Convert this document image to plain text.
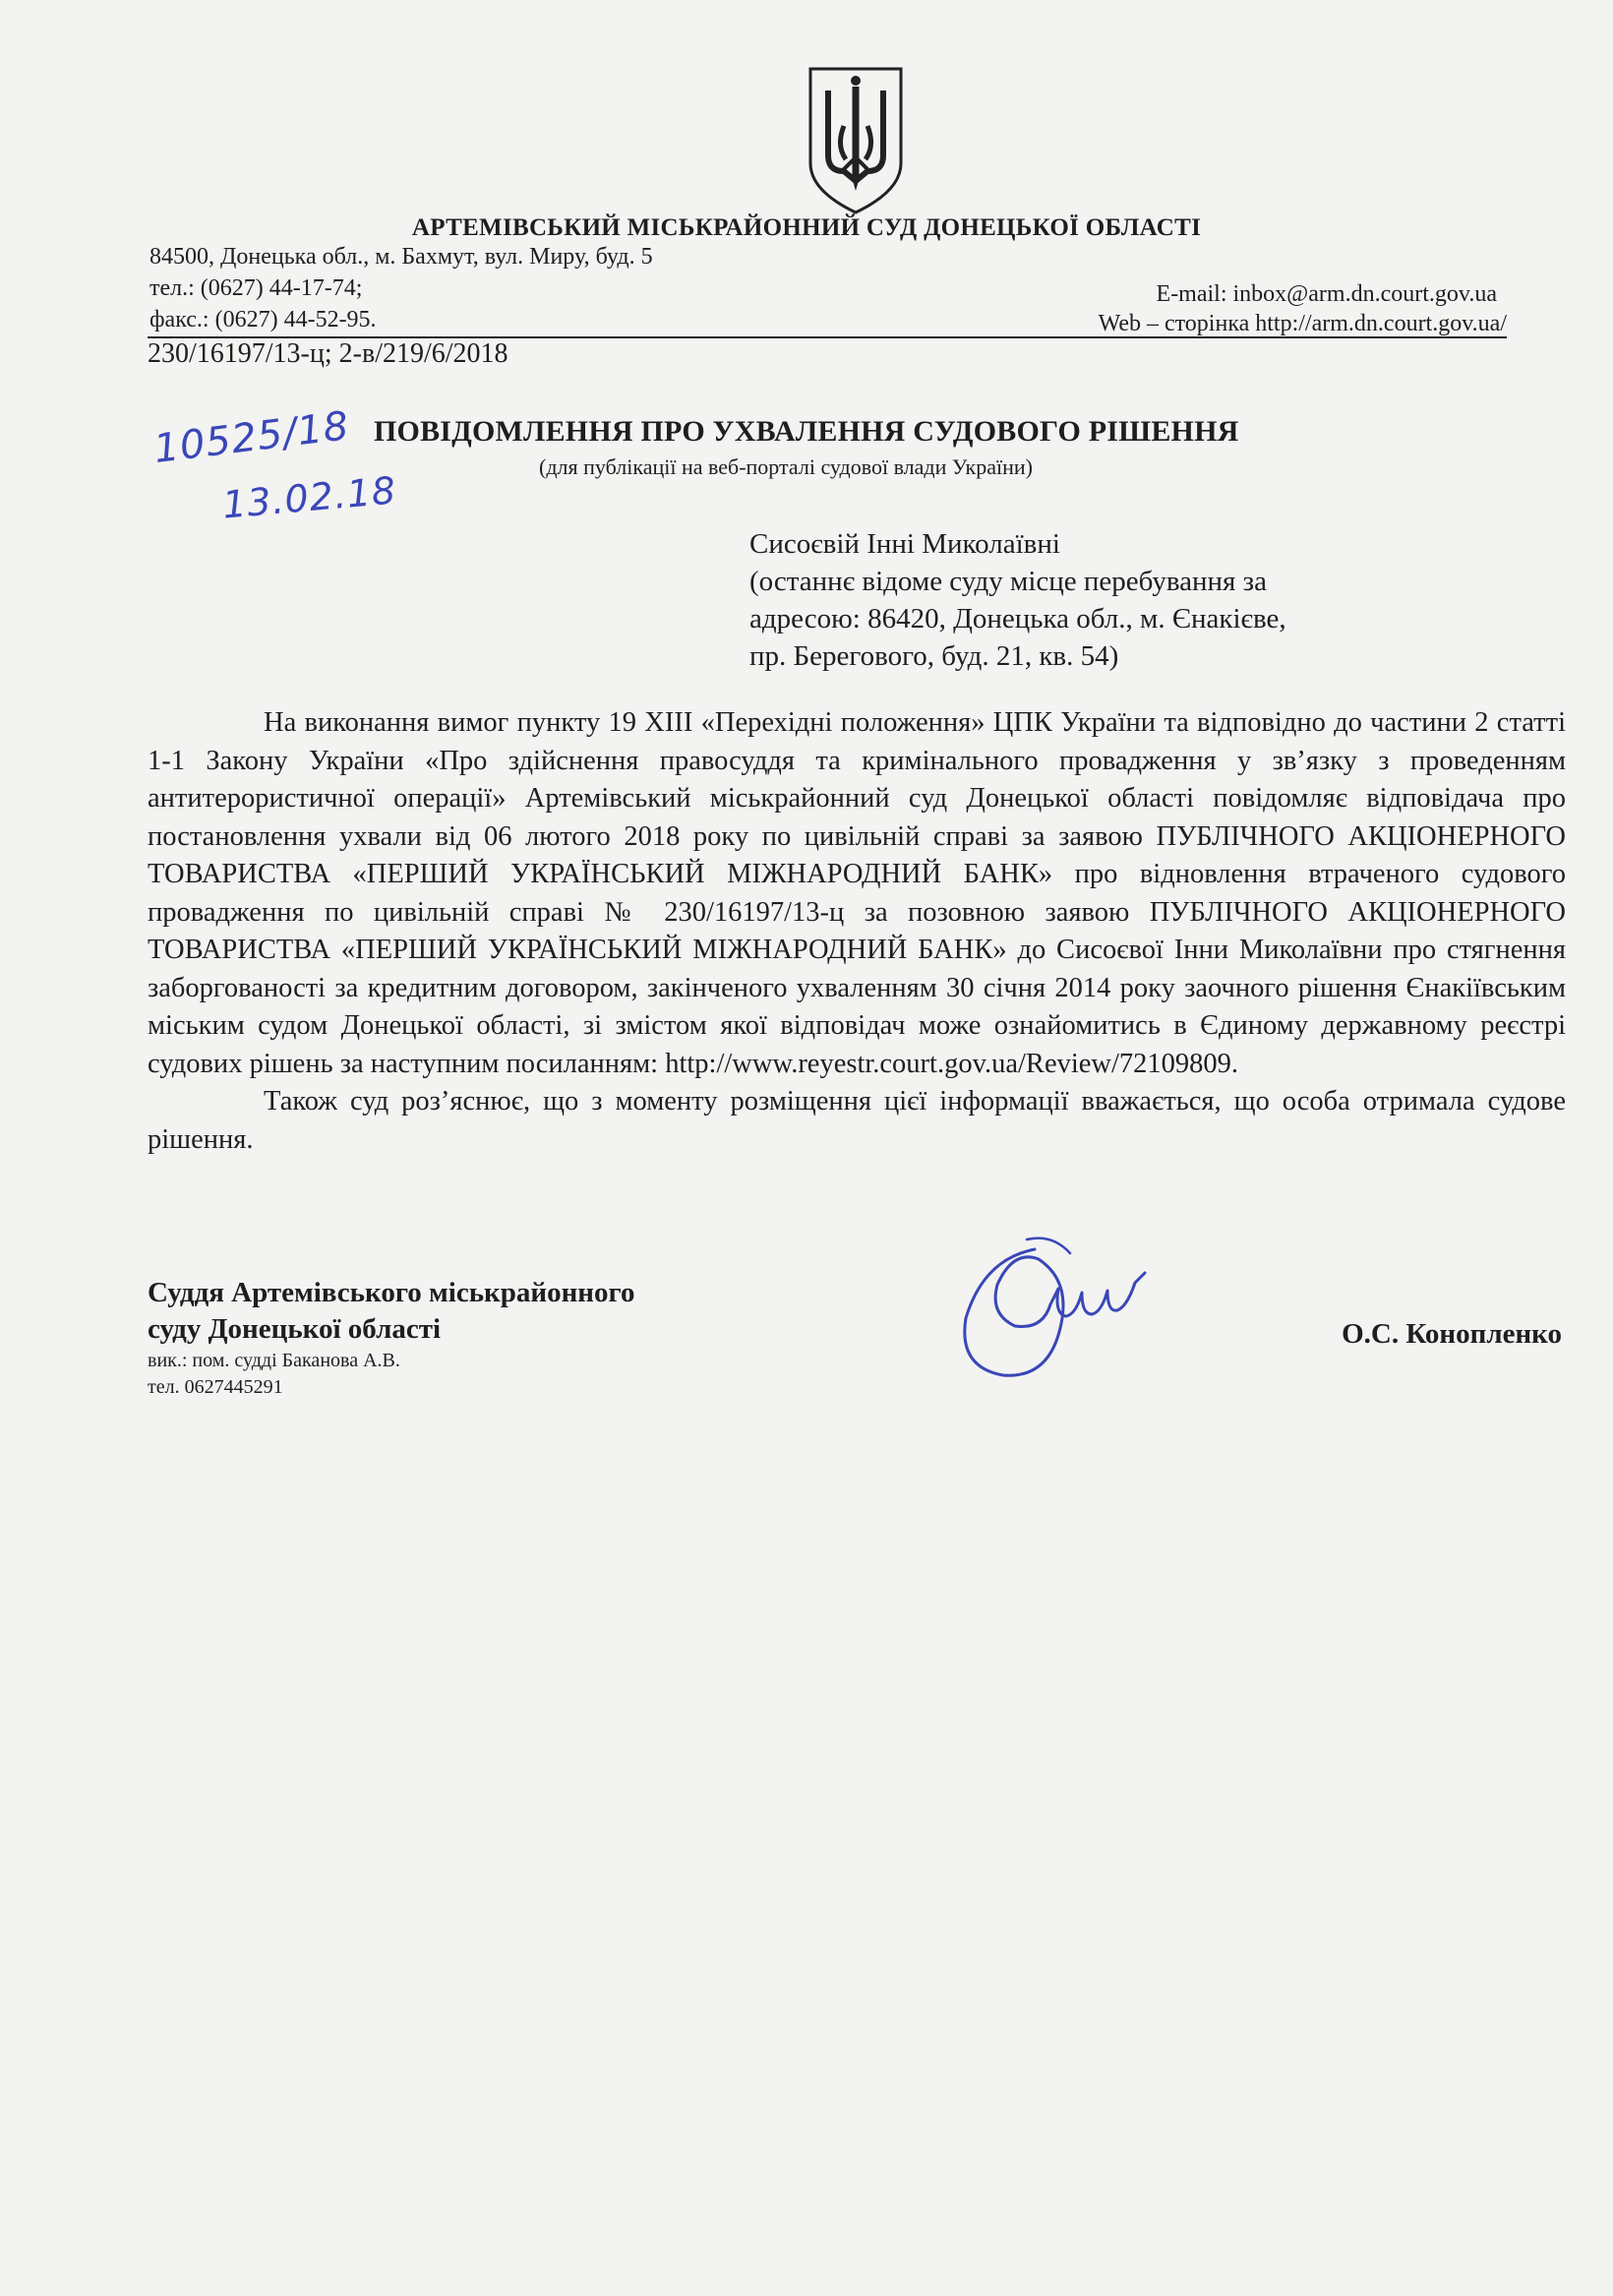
АРТЕМІВСЬКИЙ МІСЬКРАЙОННИЙ СУД ДОНЕЦЬКОЇ ОБЛАСТІ
84500, Донецька обл., м. Бахмут, вул. Миру, буд. 5
тел.: (0627) 44-17-74;
факс.: (0627) 44-52-95.
E-mail: inbox@arm.dn.court.gov.ua
Web – сторінка http://arm.dn.court.gov.ua/
230/16197/13-ц; 2-в/219/6/2018
10525/18
13.02.18
ПОВІДОМЛЕННЯ ПРО УХВАЛЕННЯ СУДОВОГО РІШЕННЯ
(для публікації на веб-порталі судової влади України)
Сисоєвій Інні Миколаївні
(останнє відоме суду місце перебування за
адресою: 86420, Донецька обл., м. Єнакієве,
пр. Берегового, буд. 21, кв. 54)

На виконання вимог пункту 19 ХІІІ «Перехідні положення» ЦПК України та відповідно до частини 2 статті 1-1 Закону України «Про здійснення правосуддя та кримінального провадження у зв’язку з проведенням антитерористичної операції» Артемівський міськрайонний суд Донецької області повідомляє відповідача про постановлення ухвали від 06 лютого 2018 року по цивільній справі за заявою ПУБЛІЧНОГО АКЦІОНЕРНОГО ТОВАРИСТВА «ПЕРШИЙ УКРАЇНСЬКИЙ МІЖНАРОДНИЙ БАНК» про відновлення втраченого судового провадження по цивільній справі № 230/16197/13-ц за позовною заявою ПУБЛІЧНОГО АКЦІОНЕРНОГО ТОВАРИСТВА «ПЕРШИЙ УКРАЇНСЬКИЙ МІЖНАРОДНИЙ БАНК» до Сисоєвої Інни Миколаївни про стягнення заборгованості за кредитним договором, закінченого ухваленням 30 січня 2014 року заочного рішення Єнакіївським міським судом Донецької області, зі змістом якої відповідач може ознайомитись в Єдиному державному реєстрі судових рішень за наступним посиланням: http://www.reyestr.court.gov.ua/Review/72109809.

Також суд роз’яснює, що з моменту розміщення цієї інформації вважається, що особа отримала судове рішення.

Суддя Артемівського міськрайонного
суду Донецької області
вик.: пом. судді Баканова А.В.
тел. 0627445291
О.С. Конопленко
